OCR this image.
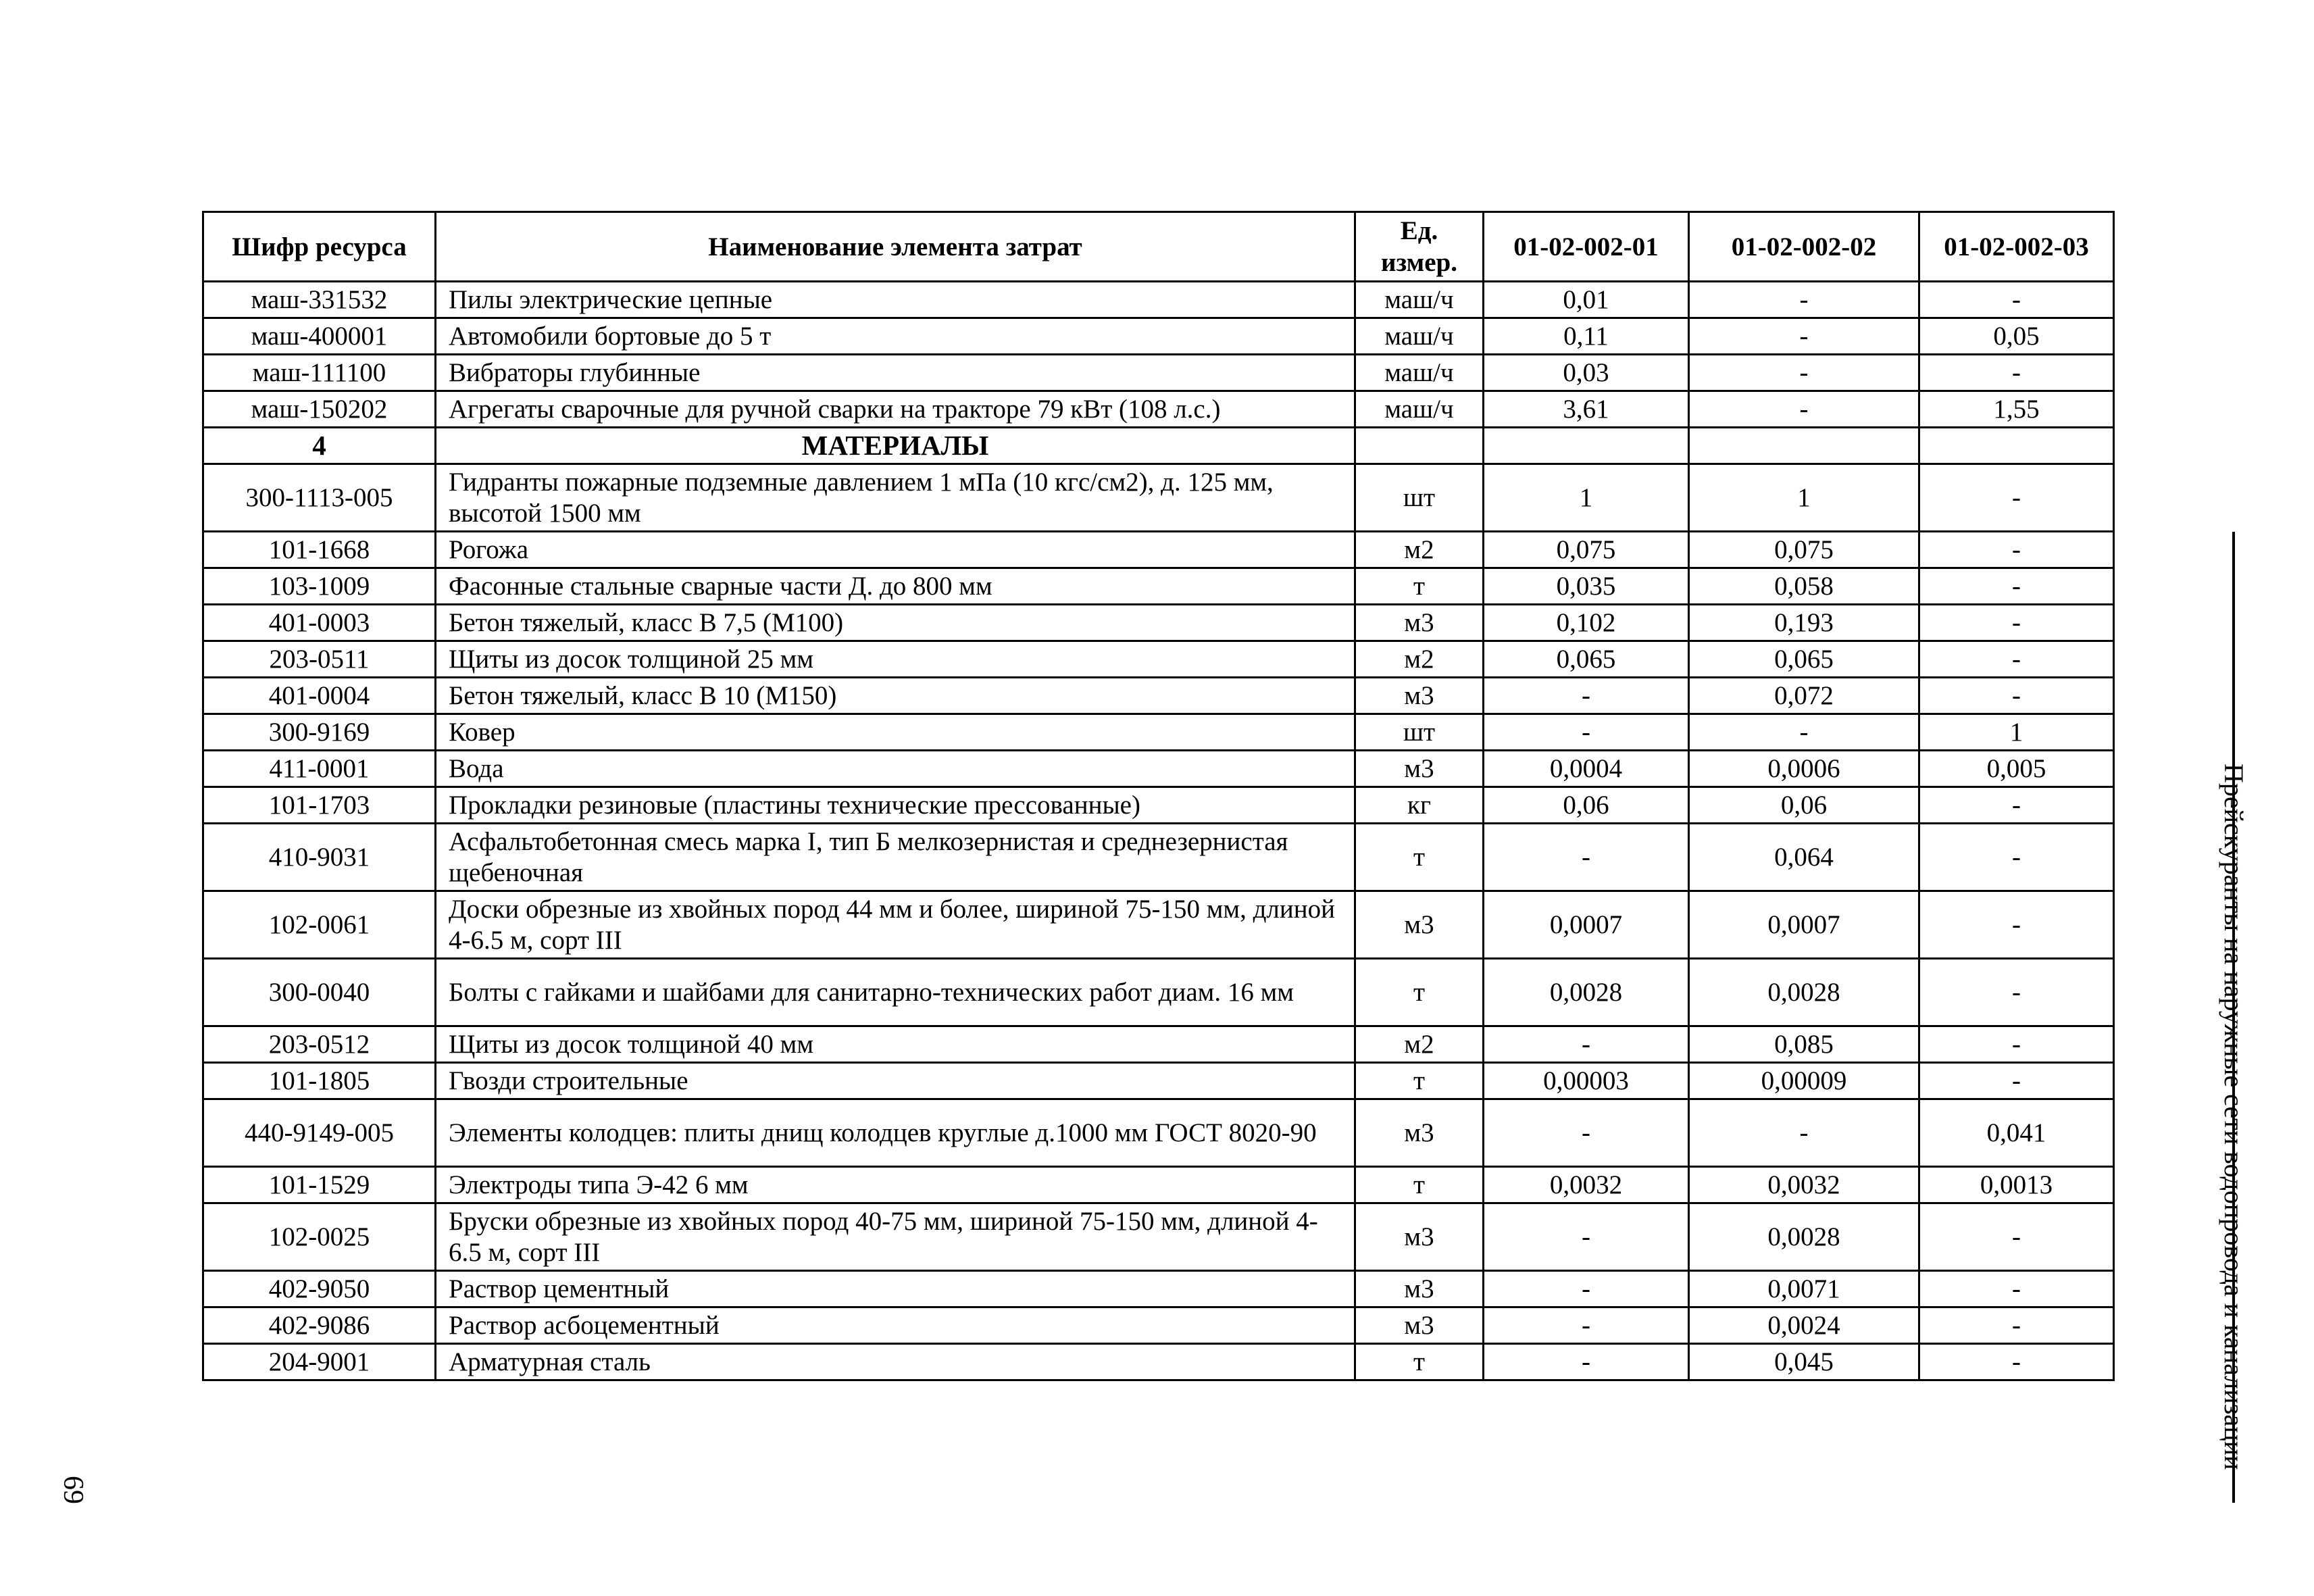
Шифр ресурса	Наименование элемента затрат	Ед. измер.	01-02-002-01	01-02-002-02	01-02-002-03
маш-331532	Пилы электрические цепные	маш/ч	0,01	-	-
маш-400001	Автомобили бортовые до 5 т	маш/ч	0,11	-	0,05
маш-111100	Вибраторы глубинные	маш/ч	0,03	-	-
маш-150202	Агрегаты сварочные для ручной сварки на тракторе 79 кВт (108 л.с.)	маш/ч	3,61	-	1,55
4	МАТЕРИАЛЫ				
300-1113-005	Гидранты пожарные подземные давлением 1 мПа (10 кгс/см2), д. 125 мм, высотой 1500 мм	шт	1	1	-
101-1668	Рогожа	м2	0,075	0,075	-
103-1009	Фасонные стальные сварные части Д. до 800 мм	т	0,035	0,058	-
401-0003	Бетон тяжелый, класс В 7,5 (М100)	м3	0,102	0,193	-
203-0511	Щиты из досок толщиной 25 мм	м2	0,065	0,065	-
401-0004	Бетон тяжелый, класс В 10 (М150)	м3	-	0,072	-
300-9169	Ковер	шт	-	-	1
411-0001	Вода	м3	0,0004	0,0006	0,005
101-1703	Прокладки резиновые (пластины технические прессованные)	кг	0,06	0,06	-
410-9031	Асфальтобетонная смесь марка I, тип Б мелкозернистая и среднезернистая щебеночная	т	-	0,064	-
102-0061	Доски обрезные из хвойных пород 44 мм и более, шириной 75-150 мм, длиной 4-6.5 м, сорт III	м3	0,0007	0,0007	-
300-0040	Болты с гайками и шайбами для санитарно-технических работ диам. 16 мм	т	0,0028	0,0028	-
203-0512	Щиты из досок толщиной 40 мм	м2	-	0,085	-
101-1805	Гвозди строительные	т	0,00003	0,00009	-
440-9149-005	Элементы колодцев: плиты днищ колодцев круглые д.1000 мм ГОСТ 8020-90	м3	-	-	0,041
101-1529	Электроды типа Э-42 6 мм	т	0,0032	0,0032	0,0013
102-0025	Бруски обрезные из хвойных пород 40-75 мм, шириной 75-150 мм, длиной 4-6.5 м, сорт III	м3	-	0,0028	-
402-9050	Раствор цементный	м3	-	0,0071	-
402-9086	Раствор асбоцементный	м3	-	0,0024	-
204-9001	Арматурная сталь	т	-	0,045	-	Прейскуранты на наружные сети водопровода и канализации
69
